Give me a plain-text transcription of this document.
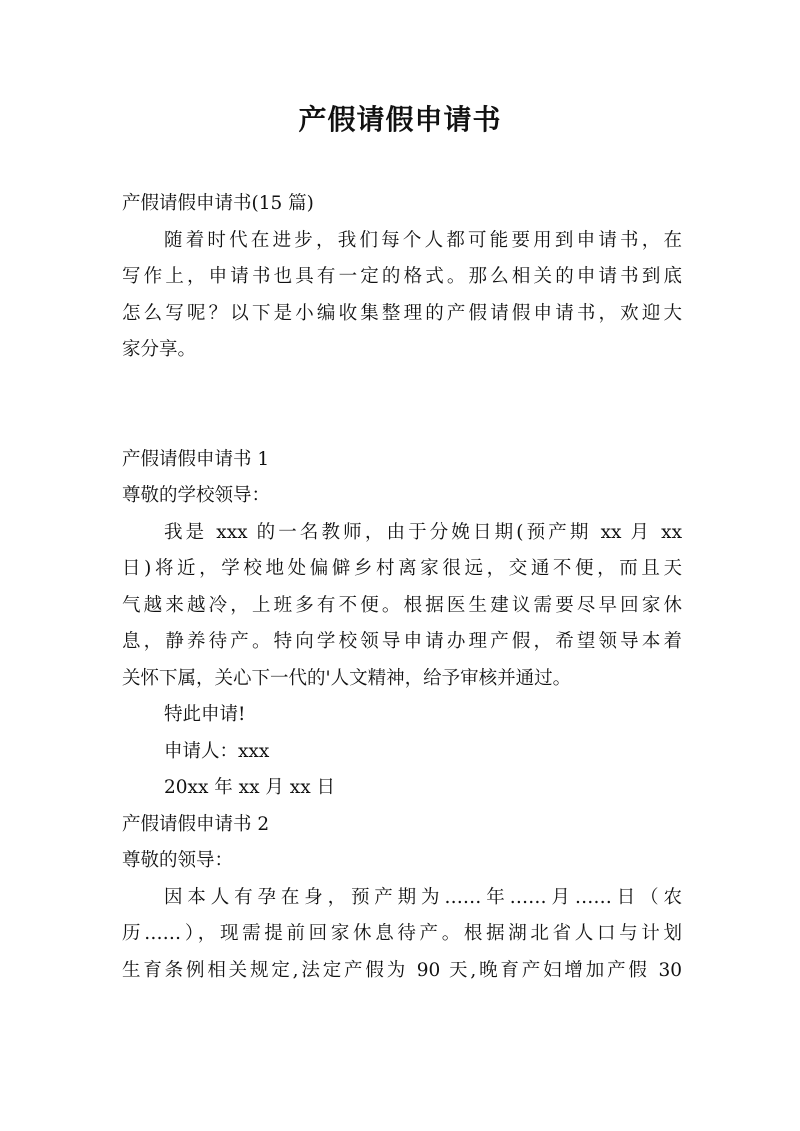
产假请假申请书
产假请假申请书(15 篇)
随着时代在进步，我们每个人都可能要用到申请书，在
写作上，申请书也具有一定的格式。那么相关的申请书到底
怎么写呢？以下是小编收集整理的产假请假申请书，欢迎大
家分享。
产假请假申请书 1
尊敬的学校领导：
我是 xxx 的一名教师，由于分娩日期(预产期 xx 月 xx
日)将近，学校地处偏僻乡村离家很远，交通不便，而且天
气越来越冷，上班多有不便。根据医生建议需要尽早回家休
息，静养待产。特向学校领导申请办理产假，希望领导本着
关怀下属，关心下一代的'人文精神，给予审核并通过。
特此申请!
申请人：xxx
20xx 年 xx 月 xx 日
产假请假申请书 2
尊敬的领导：
因本人有孕在身，预产期为……年……月……日（农
历……），现需提前回家休息待产。根据湖北省人口与计划
生育条例相关规定,法定产假为 90 天,晚育产妇增加产假 30
